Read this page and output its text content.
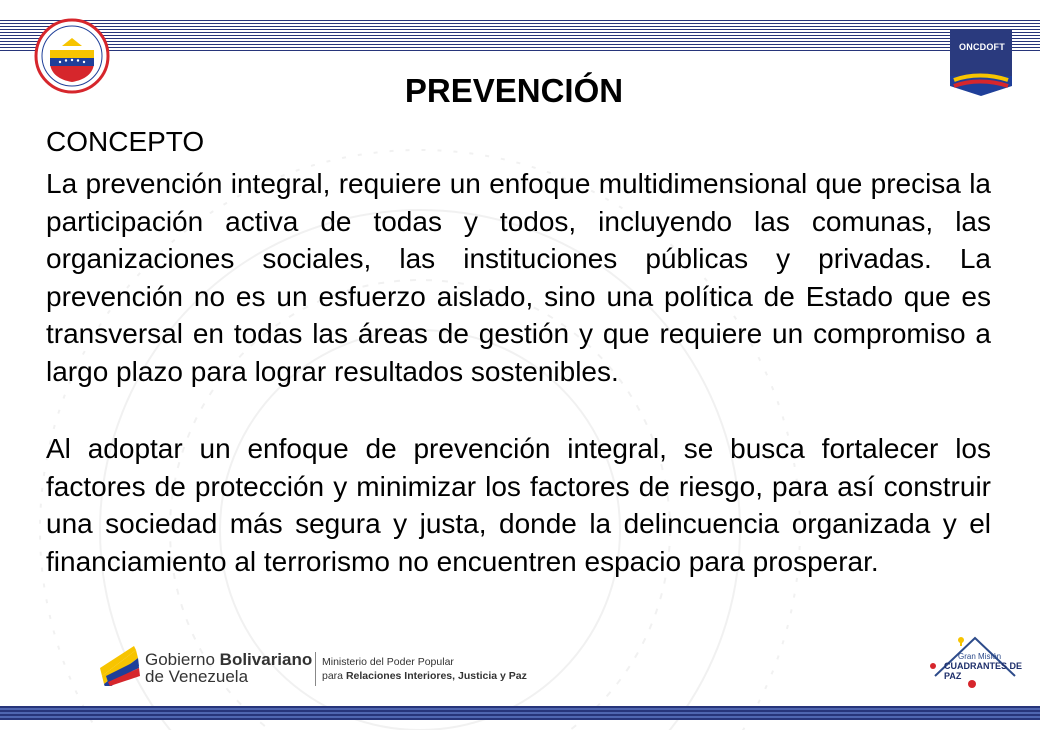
ONCDOFT
PREVENCIÓN
CONCEPTO

La prevención integral, requiere un enfoque multidimensional que precisa la participación activa de todas y todos, incluyendo las comunas, las organizaciones sociales, las instituciones públicas y privadas. La prevención no es un esfuerzo aislado, sino una política de Estado que es transversal en todas las áreas de gestión y que requiere un compromiso a largo plazo para lograr resultados sostenibles.

Al adoptar un enfoque de prevención integral, se busca fortalecer los factores de protección y minimizar los factores de riesgo, para así construir una sociedad más segura y justa, donde la delincuencia organizada y el financiamiento al terrorismo no encuentren espacio para prosperar.

Gobierno Bolivariano
de Venezuela
Ministerio del Poder Popular
para Relaciones Interiores, Justicia y Paz
Gran Misión
CUADRANTES DE PAZ
